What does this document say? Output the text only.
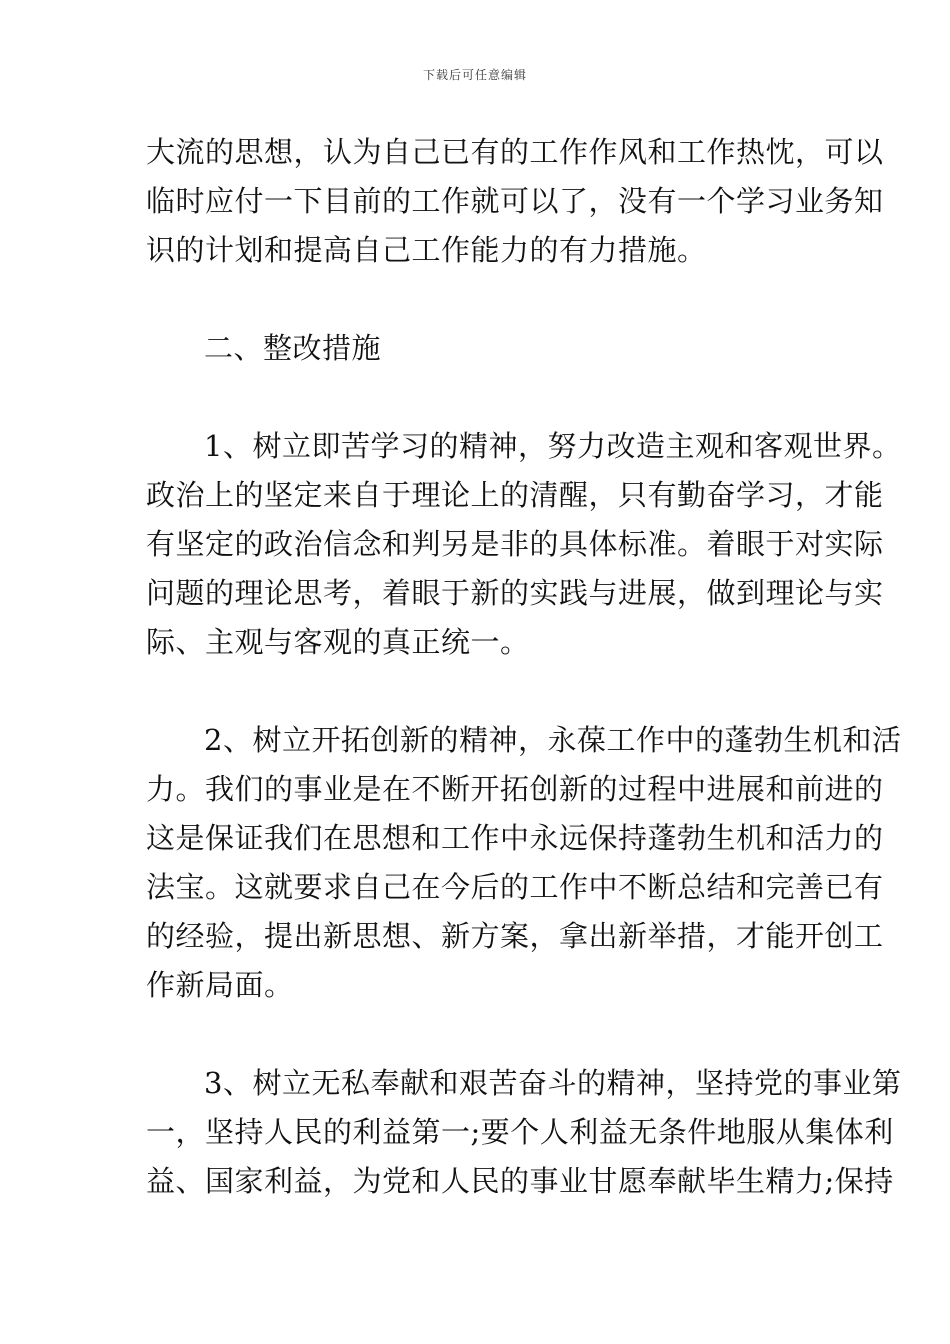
下载后可任意编辑
大流的思想，认为自己已有的工作作风和工作热忱，可以
临时应付一下目前的工作就可以了，没有一个学习业务知
识的计划和提高自己工作能力的有力措施。
二、整改措施
1、树立即苦学习的精神，努力改造主观和客观世界。
政治上的坚定来自于理论上的清醒，只有勤奋学习，才能
有坚定的政治信念和判另是非的具体标准。着眼于对实际
问题的理论思考，着眼于新的实践与进展，做到理论与实
际、主观与客观的真正统一。
2、树立开拓创新的精神，永葆工作中的蓬勃生机和活
力。我们的事业是在不断开拓创新的过程中进展和前进的
这是保证我们在思想和工作中永远保持蓬勃生机和活力的
法宝。这就要求自己在今后的工作中不断总结和完善已有
的经验，提出新思想、新方案，拿出新举措，才能开创工
作新局面。
3、树立无私奉献和艰苦奋斗的精神，坚持党的事业第
一，坚持人民的利益第一;要个人利益无条件地服从集体利
益、国家利益，为党和人民的事业甘愿奉献毕生精力;保持
